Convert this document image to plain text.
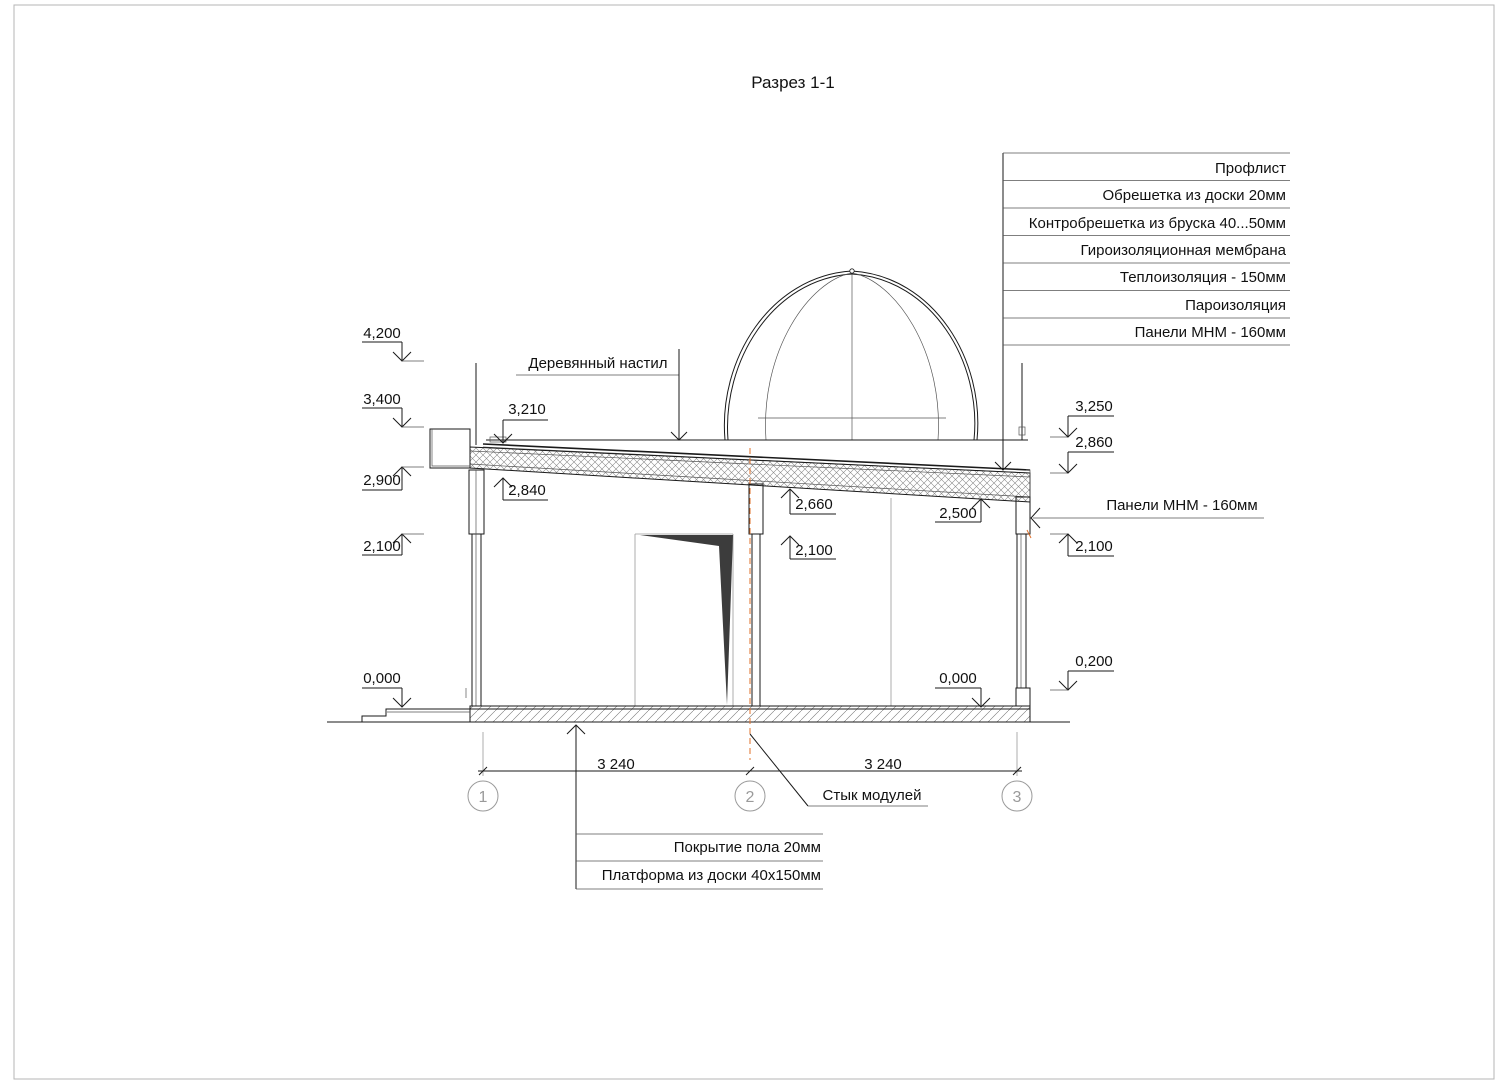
Разрез 1-1
Профлист
Обрешетка из доски 20мм
Контробрешетка из бруска 40...50мм
Гироизоляционная мембрана
Теплоизоляция - 150мм
Пароизоляция
Панели МНМ - 160мм
Деревянный настил
4,200
3,400
2,900
2,100
0,000
3,210
2,840
2,660
2,100
2,500
0,000
3,250
2,860
2,100
0,200
Панели МНМ - 160мм
Покрытие пола 20мм
Платформа из доски 40x150мм
3 240	3 240
1	2	3
Стык модулей
